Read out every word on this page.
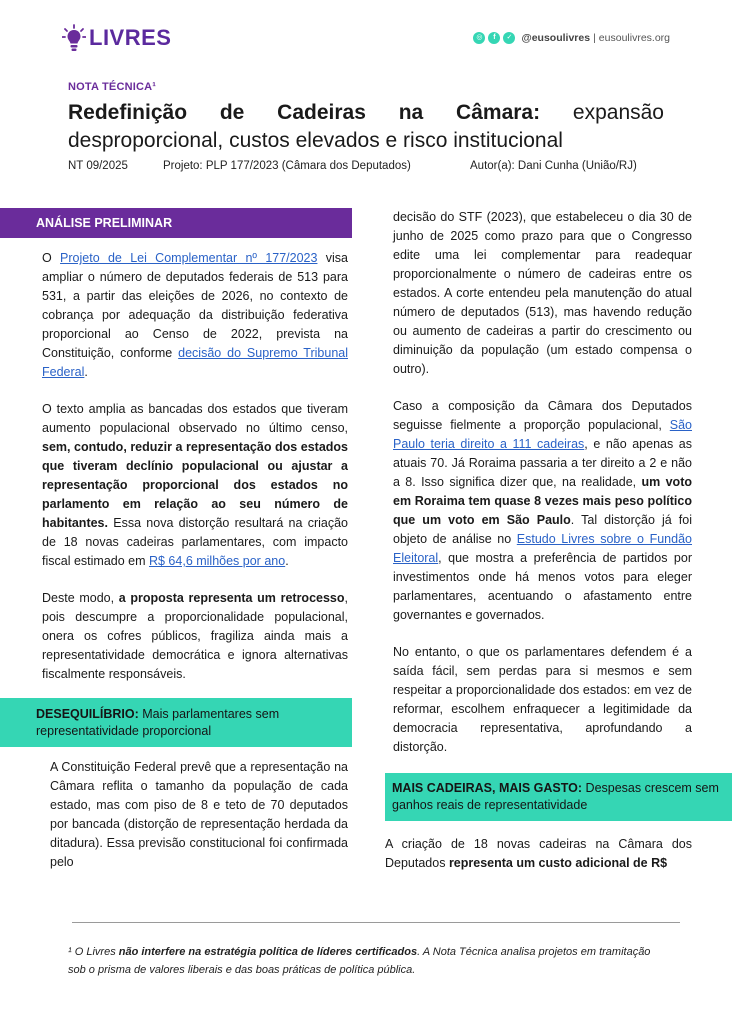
LIVRES	◎	f	✓ @eusoulivres | eusoulivres.org
NOTA TÉCNICA¹
Redefinição de Cadeiras na Câmara: expansão desproporcional, custos elevados e risco institucional
NT 09/2025	Projeto: PLP 177/2023 (Câmara dos Deputados)	Autor(a): Dani Cunha (União/RJ)
ANÁLISE PRELIMINAR

O Projeto de Lei Complementar nº 177/2023 visa ampliar o número de deputados federais de 513 para 531, a partir das eleições de 2026, no contexto de cobrança por adequação da distribuição federativa proporcional ao Censo de 2022, prevista na Constituição, conforme decisão do Supremo Tribunal Federal.

O texto amplia as bancadas dos estados que tiveram aumento populacional observado no último censo, sem, contudo, reduzir a representação dos estados que tiveram declínio populacional ou ajustar a representação proporcional dos estados no parlamento em relação ao seu número de habitantes. Essa nova distorção resultará na criação de 18 novas cadeiras parlamentares, com impacto fiscal estimado em R$ 64,6 milhões por ano.

Deste modo, a proposta representa um retrocesso, pois descumpre a proporcionalidade populacional, onera os cofres públicos, fragiliza ainda mais a representatividade democrática e ignora alternativas fiscalmente responsáveis.

DESEQUILÍBRIO: Mais parlamentares sem representatividade proporcional

A Constituição Federal prevê que a representação na Câmara reflita o tamanho da população de cada estado, mas com piso de 8 e teto de 70 deputados por bancada (distorção de representação herdada da ditadura). Essa previsão constitucional foi confirmada pelo

decisão do STF (2023), que estabeleceu o dia 30 de junho de 2025 como prazo para que o Congresso edite uma lei complementar para readequar proporcionalmente o número de cadeiras entre os estados. A corte entendeu pela manutenção do atual número de deputados (513), mas havendo redução ou aumento de cadeiras a partir do crescimento ou diminuição da população (um estado compensa o outro).

Caso a composição da Câmara dos Deputados seguisse fielmente a proporção populacional, São Paulo teria direito a 111 cadeiras, e não apenas as atuais 70. Já Roraima passaria a ter direito a 2 e não a 8. Isso significa dizer que, na realidade, um voto em Roraima tem quase 8 vezes mais peso político que um voto em São Paulo. Tal distorção já foi objeto de análise no Estudo Livres sobre o Fundão Eleitoral, que mostra a preferência de partidos por investimentos onde há menos votos para eleger parlamentares, acentuando o afastamento entre governantes e governados.

No entanto, o que os parlamentares defendem é a saída fácil, sem perdas para si mesmos e sem respeitar a proporcionalidade dos estados: em vez de reformar, escolhem enfraquecer a legitimidade da democracia representativa, aprofundando a distorção.

MAIS CADEIRAS, MAIS GASTO: Despesas crescem sem ganhos reais de representatividade

A criação de 18 novas cadeiras na Câmara dos Deputados representa um custo adicional de R$

¹ O Livres não interfere na estratégia política de líderes certificados. A Nota Técnica analisa projetos em tramitação sob o prisma de valores liberais e das boas práticas de política pública.
